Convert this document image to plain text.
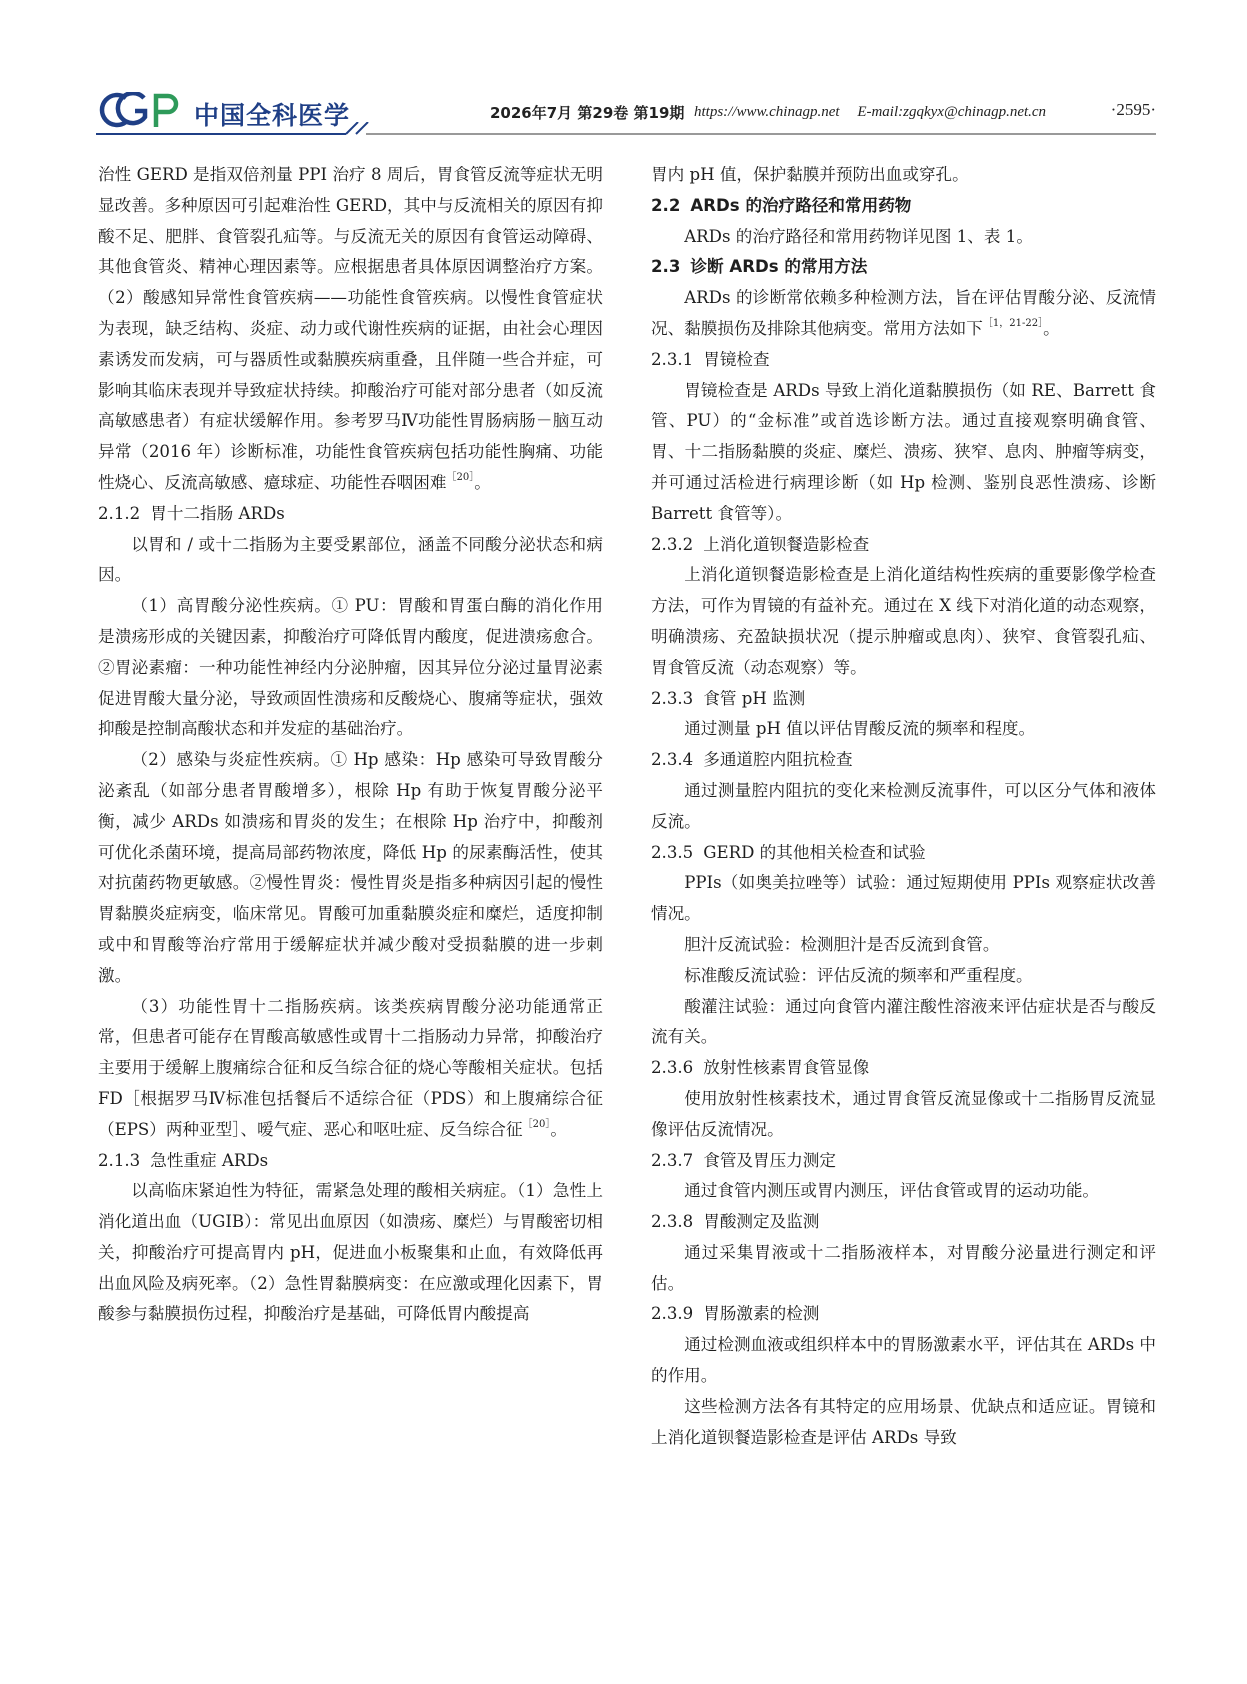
中国全科医学	2026年7月 第29卷 第19期 https://www.chinagp.net E-mail:zgqkyx@chinagp.net.cn	·2595·

治性 GERD 是指双倍剂量 PPI 治疗 8 周后，胃食管反流等症状无明显改善。多种原因可引起难治性 GERD，其中与反流相关的原因有抑酸不足、肥胖、食管裂孔疝等。与反流无关的原因有食管运动障碍、其他食管炎、精神心理因素等。应根据患者具体原因调整治疗方案。（2）酸感知异常性食管疾病——功能性食管疾病。以慢性食管症状为表现，缺乏结构、炎症、动力或代谢性疾病的证据，由社会心理因素诱发而发病，可与器质性或黏膜疾病重叠，且伴随一些合并症，可影响其临床表现并导致症状持续。抑酸治疗可能对部分患者（如反流高敏感患者）有症状缓解作用。参考罗马Ⅳ功能性胃肠病肠－脑互动异常（2016 年）诊断标准，功能性食管疾病包括功能性胸痛、功能性烧心、反流高敏感、癔球症、功能性吞咽困难$^{[20]}$。

2.1.2 胃十二指肠 ARDs

以胃和 / 或十二指肠为主要受累部位，涵盖不同酸分泌状态和病因。

（1）高胃酸分泌性疾病。① PU：胃酸和胃蛋白酶的消化作用是溃疡形成的关键因素，抑酸治疗可降低胃内酸度，促进溃疡愈合。②胃泌素瘤：一种功能性神经内分泌肿瘤，因其异位分泌过量胃泌素促进胃酸大量分泌，导致顽固性溃疡和反酸烧心、腹痛等症状，强效抑酸是控制高酸状态和并发症的基础治疗。

（2）感染与炎症性疾病。① Hp 感染：Hp 感染可导致胃酸分泌紊乱（如部分患者胃酸增多），根除 Hp 有助于恢复胃酸分泌平衡，减少 ARDs 如溃疡和胃炎的发生；在根除 Hp 治疗中，抑酸剂可优化杀菌环境，提高局部药物浓度，降低 Hp 的尿素酶活性，使其对抗菌药物更敏感。②慢性胃炎：慢性胃炎是指多种病因引起的慢性胃黏膜炎症病变，临床常见。胃酸可加重黏膜炎症和糜烂，适度抑制或中和胃酸等治疗常用于缓解症状并减少酸对受损黏膜的进一步刺激。

（3）功能性胃十二指肠疾病。该类疾病胃酸分泌功能通常正常，但患者可能存在胃酸高敏感性或胃十二指肠动力异常，抑酸治疗主要用于缓解上腹痛综合征和反刍综合征的烧心等酸相关症状。包括 FD［根据罗马Ⅳ标准包括餐后不适综合征（PDS）和上腹痛综合征（EPS）两种亚型］、嗳气症、恶心和呕吐症、反刍综合征$^{[20]}$。

2.1.3 急性重症 ARDs

以高临床紧迫性为特征，需紧急处理的酸相关病症。（1）急性上消化道出血（UGIB）：常见出血原因（如溃疡、糜烂）与胃酸密切相关，抑酸治疗可提高胃内 pH，促进血小板聚集和止血，有效降低再出血风险及病死率。（2）急性胃黏膜病变：在应激或理化因素下，胃酸参与黏膜损伤过程，抑酸治疗是基础，可降低胃内酸提高

胃内 pH 值，保护黏膜并预防出血或穿孔。

2.2 ARDs 的治疗路径和常用药物

ARDs 的治疗路径和常用药物详见图 1、表 1。

2.3 诊断 ARDs 的常用方法

ARDs 的诊断常依赖多种检测方法，旨在评估胃酸分泌、反流情况、黏膜损伤及排除其他病变。常用方法如下$^{[1,21-22]}$。

2.3.1 胃镜检查

胃镜检查是 ARDs 导致上消化道黏膜损伤（如 RE、Barrett 食管、PU）的“金标准”或首选诊断方法。通过直接观察明确食管、胃、十二指肠黏膜的炎症、糜烂、溃疡、狭窄、息肉、肿瘤等病变，并可通过活检进行病理诊断（如 Hp 检测、鉴别良恶性溃疡、诊断 Barrett 食管等）。

2.3.2 上消化道钡餐造影检查

上消化道钡餐造影检查是上消化道结构性疾病的重要影像学检查方法，可作为胃镜的有益补充。通过在 X 线下对消化道的动态观察，明确溃疡、充盈缺损状况（提示肿瘤或息肉）、狭窄、食管裂孔疝、胃食管反流（动态观察）等。

2.3.3 食管 pH 监测

通过测量 pH 值以评估胃酸反流的频率和程度。

2.3.4 多通道腔内阻抗检查

通过测量腔内阻抗的变化来检测反流事件，可以区分气体和液体反流。

2.3.5 GERD 的其他相关检查和试验

PPIs（如奥美拉唑等）试验：通过短期使用 PPIs 观察症状改善情况。

胆汁反流试验：检测胆汁是否反流到食管。

标准酸反流试验：评估反流的频率和严重程度。

酸灌注试验：通过向食管内灌注酸性溶液来评估症状是否与酸反流有关。

2.3.6 放射性核素胃食管显像

使用放射性核素技术，通过胃食管反流显像或十二指肠胃反流显像评估反流情况。

2.3.7 食管及胃压力测定

通过食管内测压或胃内测压，评估食管或胃的运动功能。

2.3.8 胃酸测定及监测

通过采集胃液或十二指肠液样本，对胃酸分泌量进行测定和评估。

2.3.9 胃肠激素的检测

通过检测血液或组织样本中的胃肠激素水平，评估其在 ARDs 中的作用。

这些检测方法各有其特定的应用场景、优缺点和适应证。胃镜和上消化道钡餐造影检查是评估 ARDs 导致
